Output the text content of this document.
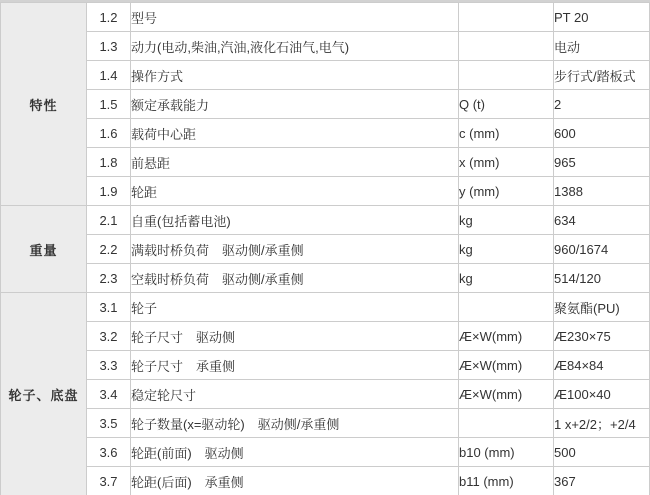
特性	1.2	型号		PT 20
	1.3	动力(电动,柴油,汽油,液化石油气,电气)		电动
	1.4	操作方式		步行式/踏板式
	1.5	额定承载能力	Q (t)	2
	1.6	载荷中心距	c (mm)	600
	1.8	前悬距	x (mm)	965
	1.9	轮距	y (mm)	1388
重量	2.1	自重(包括蓄电池)	kg	634
	2.2	满载时桥负荷　驱动侧/承重侧	kg	960/1674
	2.3	空载时桥负荷　驱动侧/承重侧	kg	514/120
轮子、底盘	3.1	轮子		聚氨酯(PU)
	3.2	轮子尺寸　驱动侧	Æ×W(mm)	Æ230×75
	3.3	轮子尺寸　承重侧	Æ×W(mm)	Æ84×84
	3.4	稳定轮尺寸	Æ×W(mm)	Æ100×40
	3.5	轮子数量(x=驱动轮)　驱动侧/承重侧		1 x+2/2；+2/4
	3.6	轮距(前面)　驱动侧	b10 (mm)	500
	3.7	轮距(后面)　承重侧	b11 (mm)	367
